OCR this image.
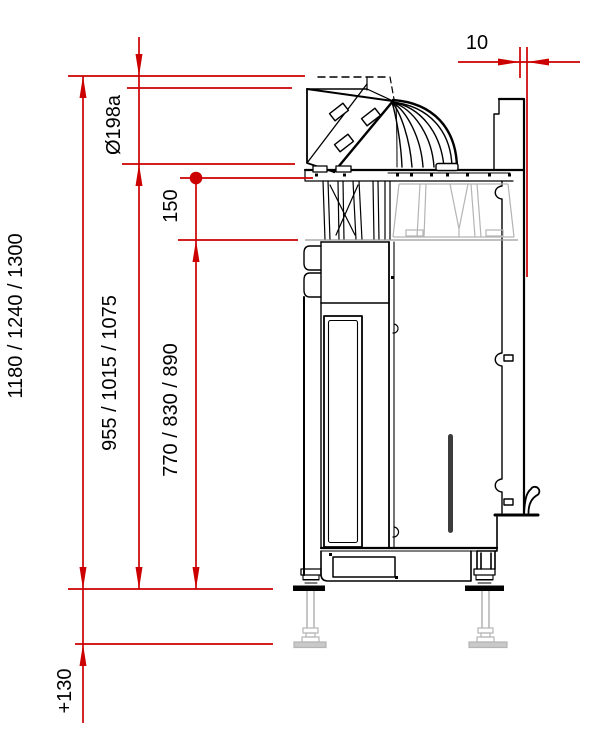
1180 / 1240 / 1300	955 / 1015 / 1075 770 / 830 / 890
Ø198a
150
+130
10
